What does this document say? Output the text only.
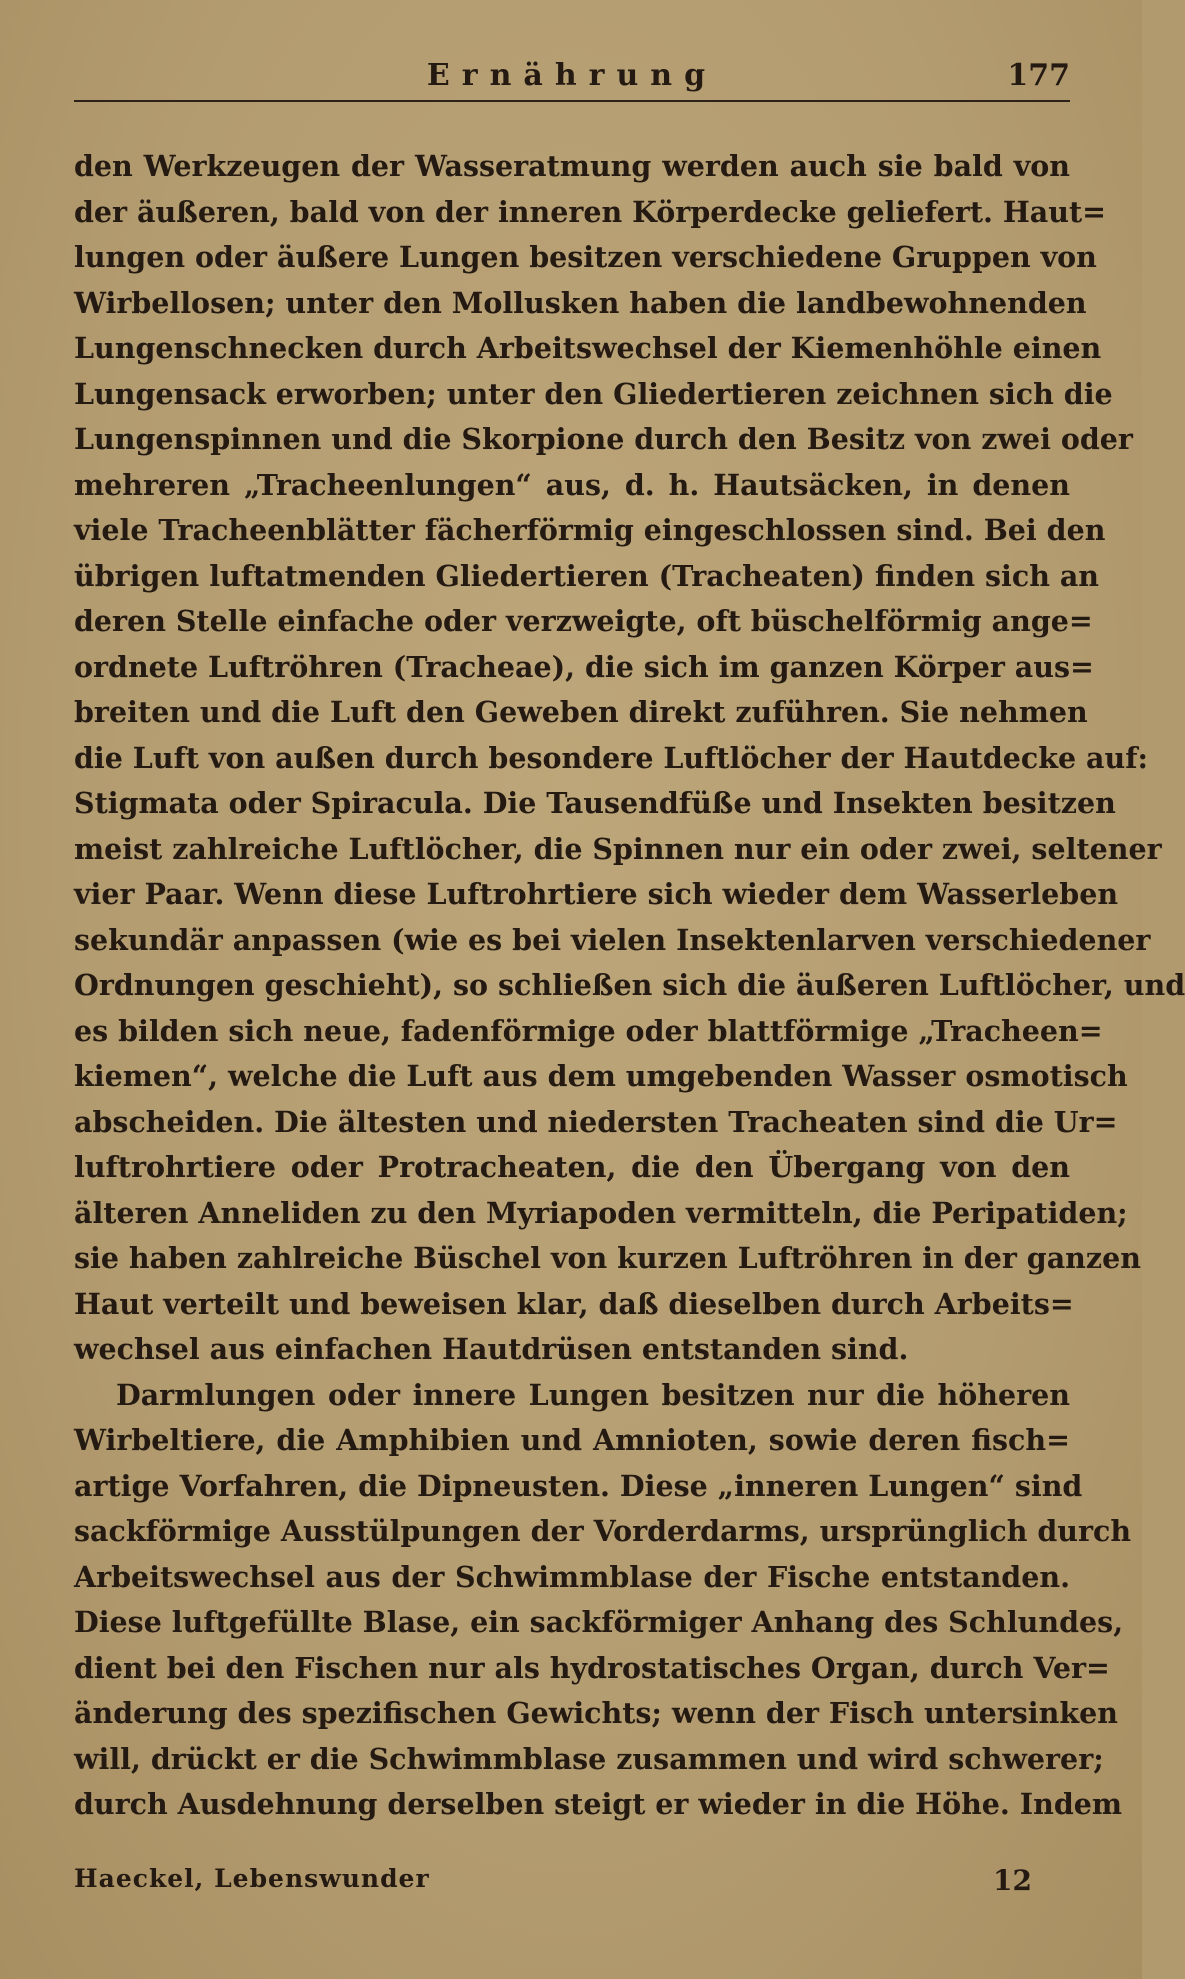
Ernährung	177
den Werkzeugen der Wasseratmung werden auch sie bald von
der äußeren, bald von der inneren Körperdecke geliefert. Haut=
lungen oder äußere Lungen besitzen verschiedene Gruppen von
Wirbellosen; unter den Mollusken haben die landbewohnenden
Lungenschnecken durch Arbeitswechsel der Kiemenhöhle einen
Lungensack erworben; unter den Gliedertieren zeichnen sich die
Lungenspinnen und die Skorpione durch den Besitz von zwei oder
mehreren „Tracheenlungen“ aus, d. h. Hautsäcken, in denen
viele Tracheenblätter fächerförmig eingeschlossen sind. Bei den
übrigen luftatmenden Gliedertieren (Tracheaten) finden sich an
deren Stelle einfache oder verzweigte, oft büschelförmig ange=
ordnete Luftröhren (Tracheae), die sich im ganzen Körper aus=
breiten und die Luft den Geweben direkt zuführen. Sie nehmen
die Luft von außen durch besondere Luftlöcher der Hautdecke auf:
Stigmata oder Spiracula. Die Tausendfüße und Insekten besitzen
meist zahlreiche Luftlöcher, die Spinnen nur ein oder zwei, seltener
vier Paar. Wenn diese Luftrohrtiere sich wieder dem Wasserleben
sekundär anpassen (wie es bei vielen Insektenlarven verschiedener
Ordnungen geschieht), so schließen sich die äußeren Luftlöcher, und
es bilden sich neue, fadenförmige oder blattförmige „Tracheen=
kiemen“, welche die Luft aus dem umgebenden Wasser osmotisch
abscheiden. Die ältesten und niedersten Tracheaten sind die Ur=
luftrohrtiere oder Protracheaten, die den Übergang von den
älteren Anneliden zu den Myriapoden vermitteln, die Peripatiden;
sie haben zahlreiche Büschel von kurzen Luftröhren in der ganzen
Haut verteilt und beweisen klar, daß dieselben durch Arbeits=
wechsel aus einfachen Hautdrüsen entstanden sind.
Darmlungen oder innere Lungen besitzen nur die höheren
Wirbeltiere, die Amphibien und Amnioten, sowie deren fisch=
artige Vorfahren, die Dipneusten. Diese „inneren Lungen“ sind
sackförmige Ausstülpungen der Vorderdarms, ursprünglich durch
Arbeitswechsel aus der Schwimmblase der Fische entstanden.
Diese luftgefüllte Blase, ein sackförmiger Anhang des Schlundes,
dient bei den Fischen nur als hydrostatisches Organ, durch Ver=
änderung des spezifischen Gewichts; wenn der Fisch untersinken
will, drückt er die Schwimmblase zusammen und wird schwerer;
durch Ausdehnung derselben steigt er wieder in die Höhe. Indem
Haeckel, Lebenswunder	12
